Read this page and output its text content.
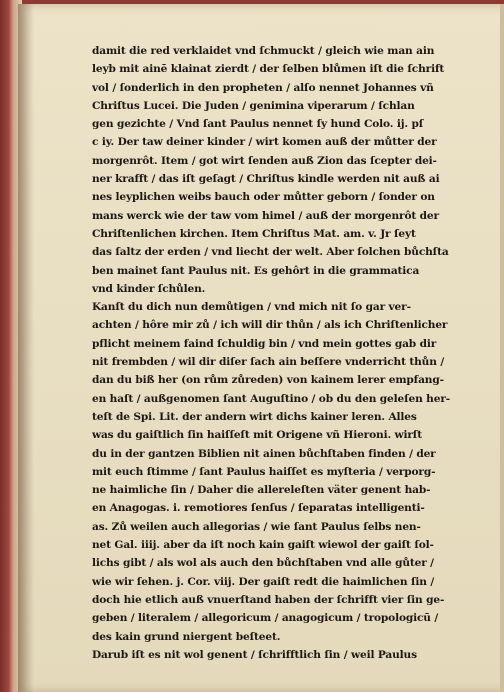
damit die red verklaidet vnd ſchmuckt / gleich wie man ain
leyb mit ainē klainat zierdt / der ſelben blůmen iſt die ſchrift
vol / ſonderlich in den propheten / alſo nennet Johannes vñ
Chriſtus Lucei. Die Juden / genimina viperarum / ſchlan
gen gezichte / Vnd ſant Paulus nennet ſy hund Colo. ij. pſ
c iy. Der taw deiner kinder / wirt komen auß der můtter der
morgenrôt. Item / got wirt ſenden auß Zion das ſcepter dei-
ner krafft / das iſt geſagt / Chriſtus kindle werden nit auß ai
nes leyplichen weibs bauch oder můtter geborn / ſonder on
mans werck wie der taw vom himel / auß der morgenrôt der
Chriſtenlichen kirchen. Item Chriſtus Mat. am. v. Jr ſeyt
das ſaltz der erden / vnd liecht der welt. Aber ſolchen bůchſta
ben mainet ſant Paulus nit. Es gehôrt in die grammatica
vnd kinder ſchůlen.
Kanſt du dich nun demůtigen / vnd mich nit ſo gar ver-
achten / hôre mir zů / ich will dir thůn / als ich Chriſtenlicher
pflicht meinem faind ſchuldig bin / vnd mein gottes gab dir
nit frembden / wil dir diſer ſach ain beſſere vnderricht thůn /
dan du biß her (on rům zůreden) von kainem lerer empfang-
en haſt / außgenomen ſant Auguſtino / ob du den geleſen her-
teſt de Spi. Lit. der andern wirt dichs kainer leren. Alles
was du gaiſtlich ſin haiſſeſt mit Origene vñ Hieroni. wirſt
du in der gantzen Biblien nit ainen bůchſtaben finden / der
mit euch ſtimme / ſant Paulus haiſſet es myſteria / verporg-
ne haimliche ſin / Daher die allereleſten väter genent hab-
en Anagogas. i. remotiores ſenſus / ſeparatas intelligenti-
as. Zů weilen auch allegorias / wie ſant Paulus ſelbs nen-
net Gal. iiij. aber da iſt noch kain gaiſt wiewol der gaiſt ſol-
lichs gibt / als wol als auch den bůchſtaben vnd alle gůter /
wie wir ſehen. j. Cor. viij. Der gaiſt redt die haimlichen ſin /
doch hie etlich auß vnuerſtand haben der ſchrifft vier ſin ge-
geben / literalem / allegoricum / anagogicum / tropologicū /
des kain grund niergent beſteet.
Darub iſt es nit wol genent / ſchrifftlich ſin / weil Paulus
